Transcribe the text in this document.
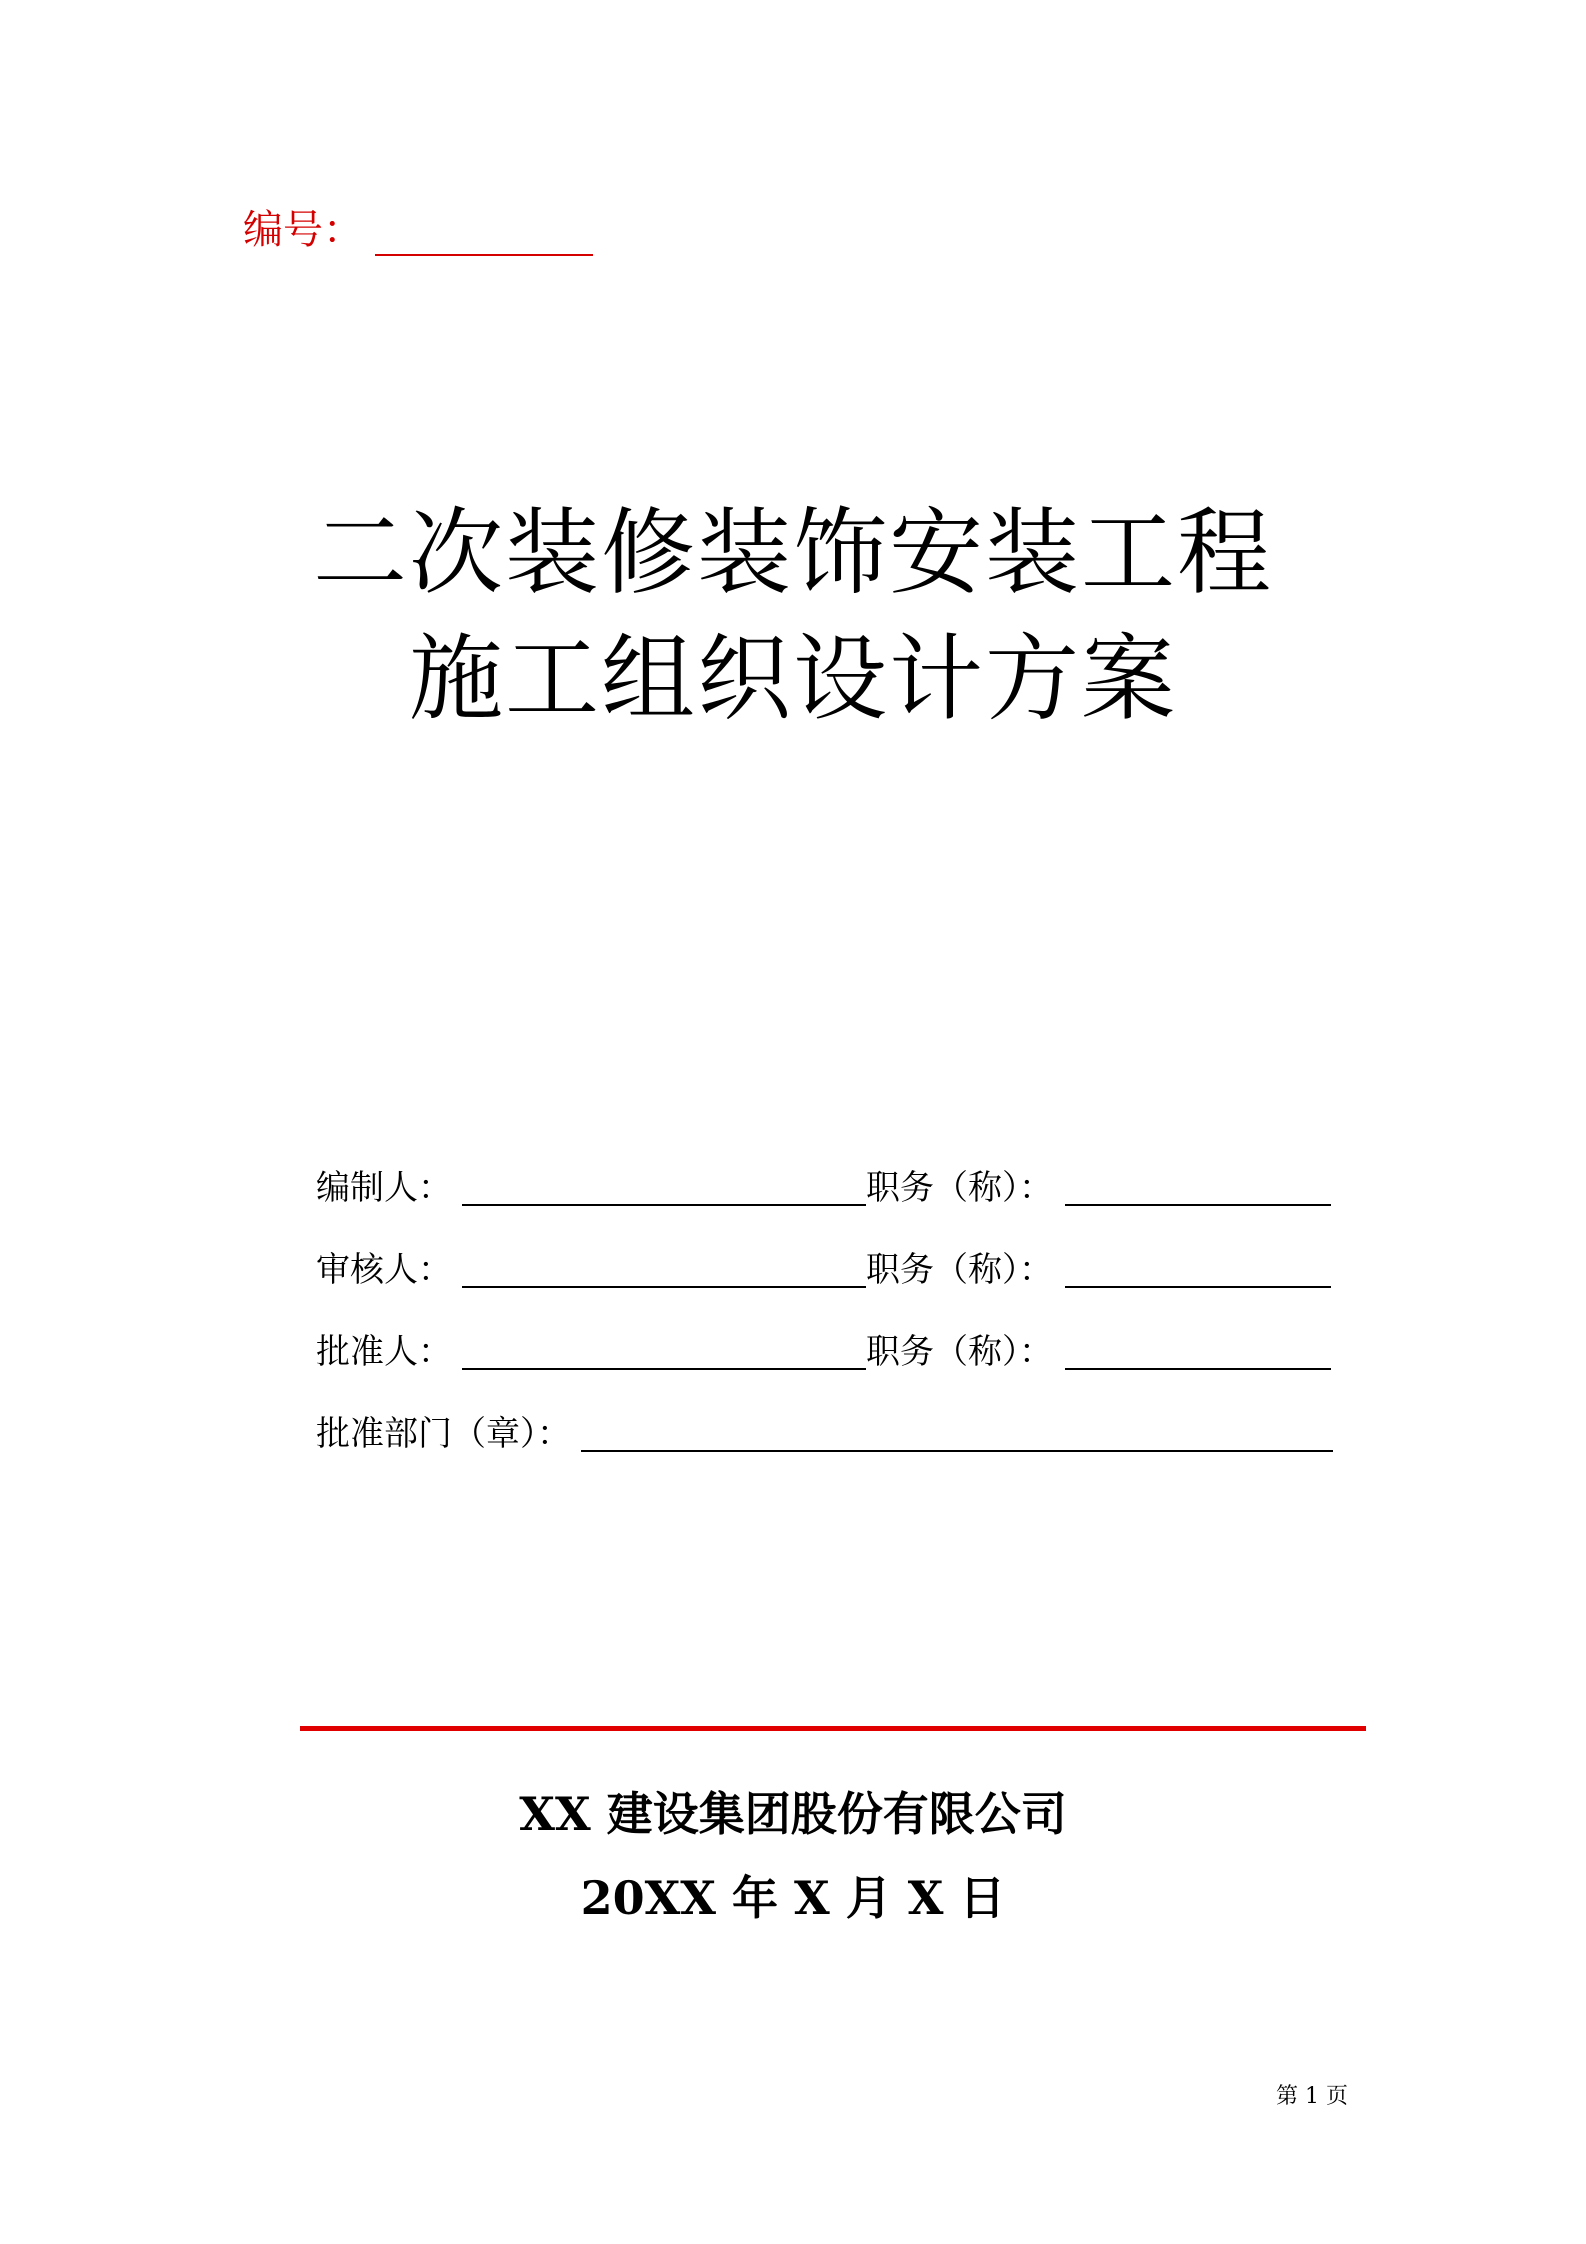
编号：
二次装修装饰安装工程
施工组织设计方案
编制人：	职务（称）：
审核人：	职务（称）：
批准人：	职务（称）：
批准部门（章）：
XX 建设集团股份有限公司
20XX 年 X 月 X 日
第 1 页
